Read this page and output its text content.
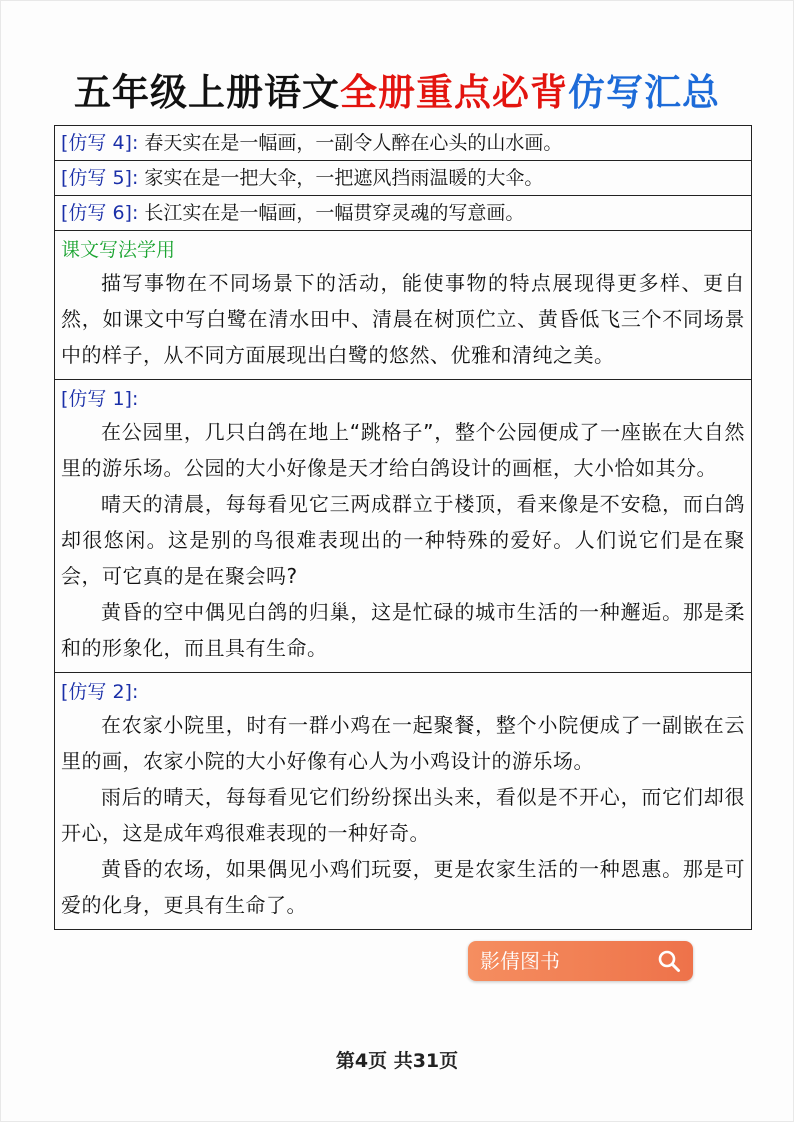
五年级上册语文全册重点必背仿写汇总
[仿写 4]: 春天实在是一幅画，一副令人醉在心头的山水画。
[仿写 5]: 家实在是一把大伞，一把遮风挡雨温暖的大伞。
[仿写 6]: 长江实在是一幅画，一幅贯穿灵魂的写意画。
课文写法学用
描写事物在不同场景下的活动，能使事物的特点展现得更多样、更自然，如课文中写白鹭在清水田中、清晨在树顶伫立、黄昏低飞三个不同场景中的样子，从不同方面展现出白鹭的悠然、优雅和清纯之美。
[仿写 1]:
在公园里，几只白鸽在地上“跳格子”，整个公园便成了一座嵌在大自然里的游乐场。公园的大小好像是天才给白鸽设计的画框，大小恰如其分。
晴天的清晨，每每看见它三两成群立于楼顶，看来像是不安稳，而白鸽却很悠闲。这是别的鸟很难表现出的一种特殊的爱好。人们说它们是在聚会，可它真的是在聚会吗?
黄昏的空中偶见白鸽的归巢，这是忙碌的城市生活的一种邂逅。那是柔和的形象化，而且具有生命。
[仿写 2]:
在农家小院里，时有一群小鸡在一起聚餐，整个小院便成了一副嵌在云里的画，农家小院的大小好像有心人为小鸡设计的游乐场。
雨后的晴天，每每看见它们纷纷探出头来，看似是不开心，而它们却很开心，这是成年鸡很难表现的一种好奇。
黄昏的农场，如果偶见小鸡们玩耍，更是农家生活的一种恩惠。那是可爱的化身，更具有生命了。
影倩图书
第4页 共31页
